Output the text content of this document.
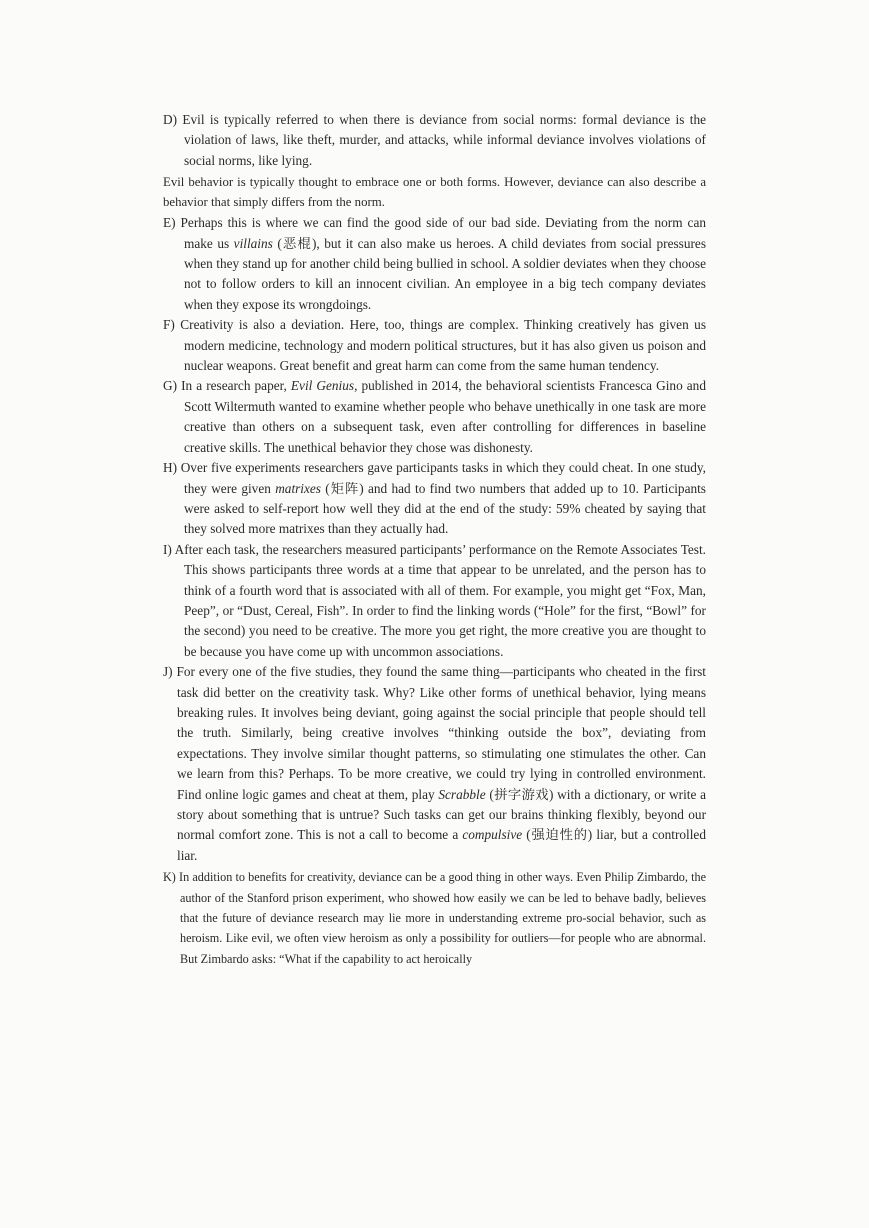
D) Evil is typically referred to when there is deviance from social norms: formal deviance is the violation of laws, like theft, murder, and attacks, while informal deviance involves violations of social norms, like lying.

Evil behavior is typically thought to embrace one or both forms. However, deviance can also describe a behavior that simply differs from the norm.

E) Perhaps this is where we can find the good side of our bad side. Deviating from the norm can make us villains (恶棍), but it can also make us heroes. A child deviates from social pressures when they stand up for another child being bullied in school. A soldier deviates when they choose not to follow orders to kill an innocent civilian. An employee in a big tech company deviates when they expose its wrongdoings.

F) Creativity is also a deviation. Here, too, things are complex. Thinking creatively has given us modern medicine, technology and modern political structures, but it has also given us poison and nuclear weapons. Great benefit and great harm can come from the same human tendency.

G) In a research paper, Evil Genius, published in 2014, the behavioral scientists Francesca Gino and Scott Wiltermuth wanted to examine whether people who behave unethically in one task are more creative than others on a subsequent task, even after controlling for differences in baseline creative skills. The unethical behavior they chose was dishonesty.

H) Over five experiments researchers gave participants tasks in which they could cheat. In one study, they were given matrixes (矩阵) and had to find two numbers that added up to 10. Participants were asked to self-report how well they did at the end of the study: 59% cheated by saying that they solved more matrixes than they actually had.

I) After each task, the researchers measured participants’ performance on the Remote Associates Test. This shows participants three words at a time that appear to be unrelated, and the person has to think of a fourth word that is associated with all of them. For example, you might get “Fox, Man, Peep”, or “Dust, Cereal, Fish”. In order to find the linking words (“Hole” for the first, “Bowl” for the second) you need to be creative. The more you get right, the more creative you are thought to be because you have come up with uncommon associations.

J) For every one of the five studies, they found the same thing—participants who cheated in the first task did better on the creativity task. Why? Like other forms of unethical behavior, lying means breaking rules. It involves being deviant, going against the social principle that people should tell the truth. Similarly, being creative involves “thinking outside the box”, deviating from expectations. They involve similar thought patterns, so stimulating one stimulates the other. Can we learn from this? Perhaps. To be more creative, we could try lying in controlled environment. Find online logic games and cheat at them, play Scrabble (拼字游戏) with a dictionary, or write a story about something that is untrue? Such tasks can get our brains thinking flexibly, beyond our normal comfort zone. This is not a call to become a compulsive (强迫性的) liar, but a controlled liar.

K) In addition to benefits for creativity, deviance can be a good thing in other ways. Even Philip Zimbardo, the author of the Stanford prison experiment, who showed how easily we can be led to behave badly, believes that the future of deviance research may lie more in understanding extreme pro-social behavior, such as heroism. Like evil, we often view heroism as only a possibility for outliers—for people who are abnormal. But Zimbardo asks: “What if the capability to act heroically
